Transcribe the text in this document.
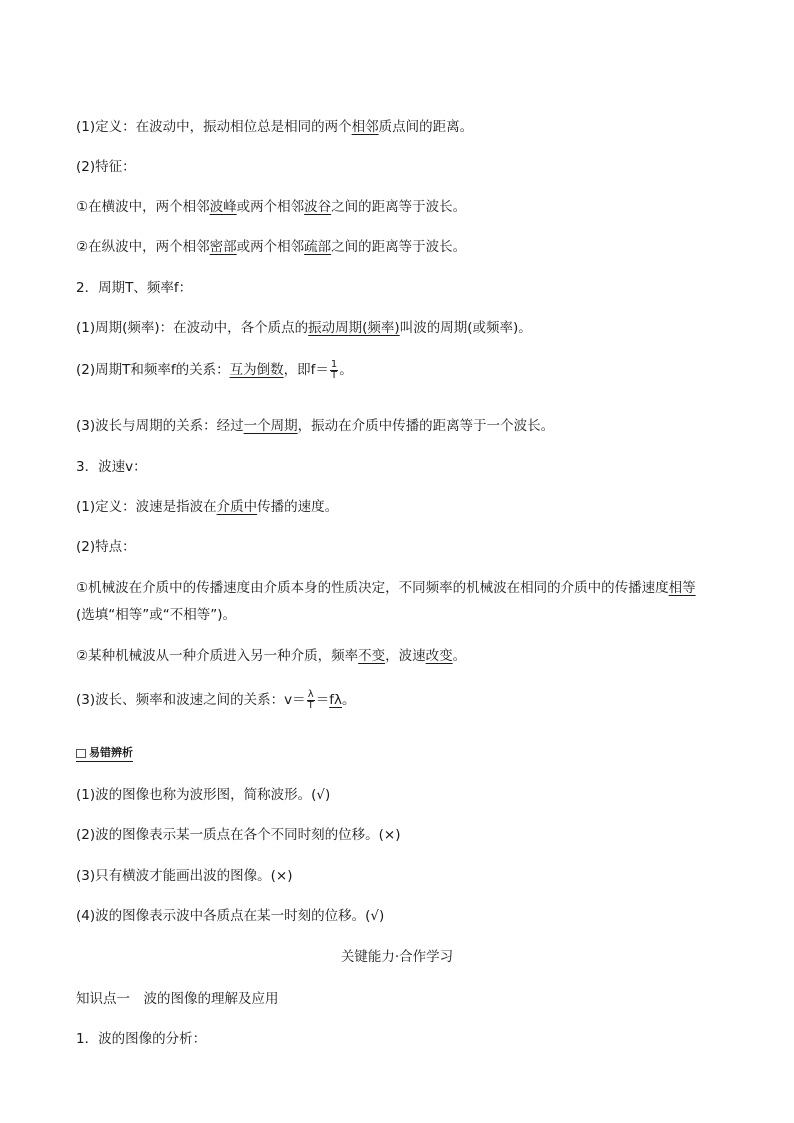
(1)定义：在波动中，振动相位总是相同的两个相邻质点间的距离。
(2)特征：
①在横波中，两个相邻波峰或两个相邻波谷之间的距离等于波长。
②在纵波中，两个相邻密部或两个相邻疏部之间的距离等于波长。
2．周期T、频率f：
(1)周期(频率)：在波动中，各个质点的振动周期(频率)叫波的周期(或频率)。
(2)周期T和频率f的关系：互为倒数，即$f= \frac{1}{T}$ 。
(3)波长与周期的关系：经过一个周期，振动在介质中传播的距离等于一个波长。
3．波速v：
(1)定义：波速是指波在介质中传播的速度。
(2)特点：
①机械波在介质中的传播速度由介质本身的性质决定，不同频率的机械波在相同的介质中的传播速度相等
(选填“相等”或“不相等”)。
②某种机械波从一种介质进入另一种介质，频率不变，波速改变。
(3)波长、频率和波速之间的关系：$v= \frac{\lambda}{T} =f\lambda$。
易错辨析
(1)波的图像也称为波形图，简称波形。(√)
(2)波的图像表示某一质点在各个不同时刻的位移。(×)
(3)只有横波才能画出波的图像。(×)
(4)波的图像表示波中各质点在某一时刻的位移。(√)
关键能力·合作学习
知识点一　波的图像的理解及应用
1．波的图像的分析：
